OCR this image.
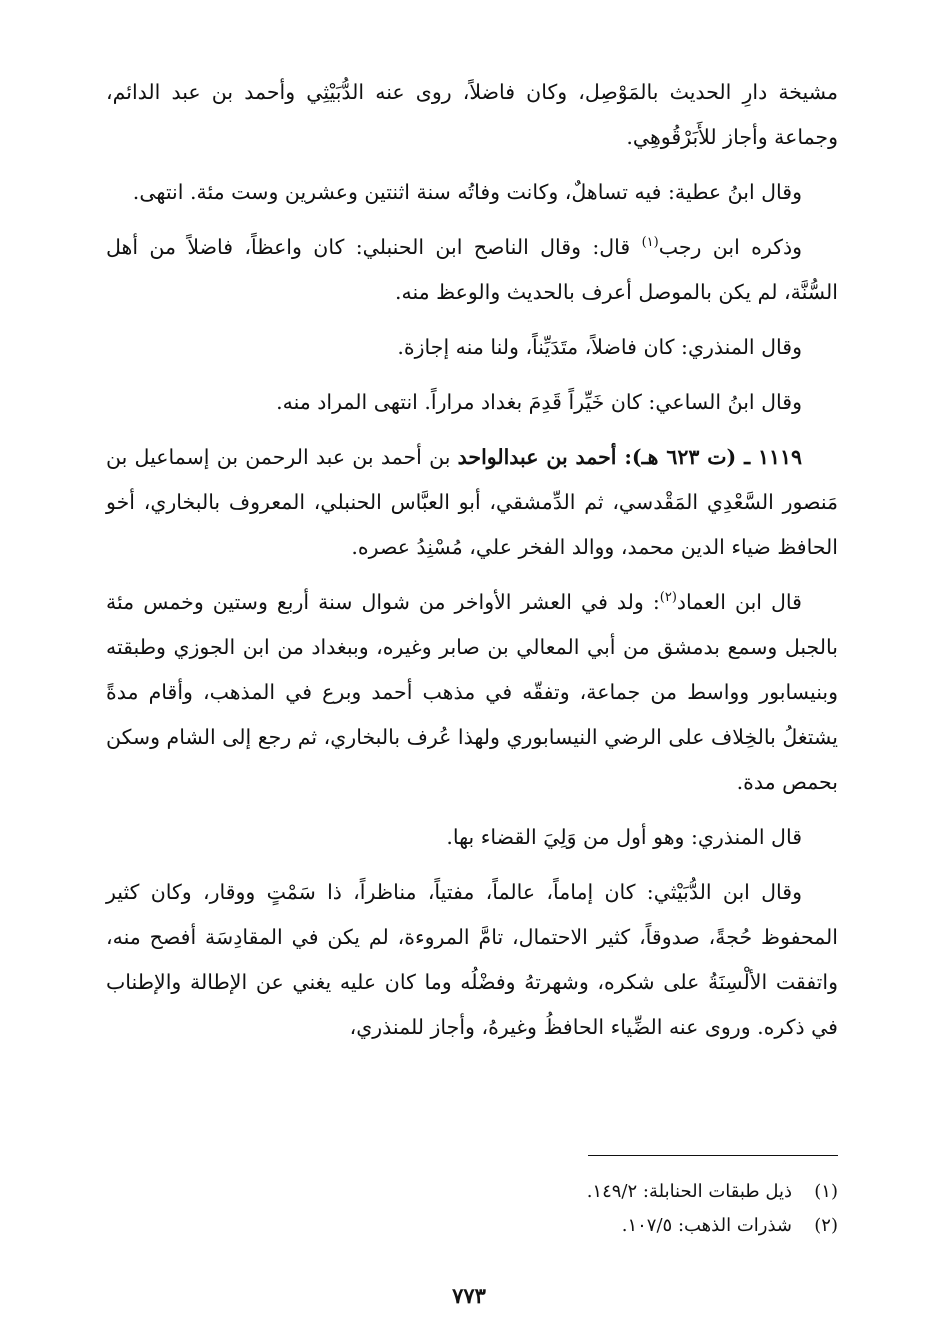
مشيخة دارِ الحديث بالمَوْصِل، وكان فاضلاً، روى عنه الدُّبَيْثِي وأحمد بن عبد الدائم، وجماعة وأجاز للأَبَرْقُوهِي.

وقال ابنُ عطية: فيه تساهلٌ، وكانت وفاتُه سنة اثنتين وعشرين وست مئة. انتهى.

وذكره ابن رجب$^{(١)}$ قال: وقال الناصح ابن الحنبلي: كان واعظاً، فاضلاً من أهل السُّنَّة، لم يكن بالموصل أعرف بالحديث والوعظ منه.

وقال المنذري: كان فاضلاً، متَدَيِّناً، ولنا منه إجازة.

وقال ابنُ الساعي: كان خَيِّراً قَدِمَ بغداد مراراً. انتهى المراد منه.

١١١٩ ـ (ت ٦٢٣ هـ): أحمد بن عبدالواحد بن أحمد بن عبد الرحمن بن إسماعيل بن مَنصور السَّعْدِي المَقْدسي، ثم الدِّمشقي، أبو العبَّاس الحنبلي، المعروف بالبخاري، أخو الحافظ ضياء الدين محمد، ووالد الفخر علي، مُسْنِدُ عصره.

قال ابن العماد$^{(٢)}$: ولد في العشر الأواخر من شوال سنة أربع وستين وخمس مئة بالجبل وسمع بدمشق من أبي المعالي بن صابر وغيره، وببغداد من ابن الجوزي وطبقته وبنيسابور وواسط من جماعة، وتفقّه في مذهب أحمد وبرع في المذهب، وأقام مدةً يشتغلُ بالخِلاف على الرضي النيسابوري ولهذا عُرف بالبخاري، ثم رجع إلى الشام وسكن بحمص مدة.

قال المنذري: وهو أول من وَلِيَ القضاء بها.

وقال ابن الدُّبَيْثي: كان إماماً، عالماً، مفتياً، مناظراً، ذا سَمْتٍ ووقار، وكان كثير المحفوظ حُجةً، صدوقاً، كثير الاحتمال، تامَّ المروءة، لم يكن في المقادِسَة أفصح منه، واتفقت الألْسِنَةُ على شكره، وشهرتهُ وفضْلُه وما كان عليه يغني عن الإطالة والإطناب في ذكره. وروى عنه الضِّياء الحافظُ وغيرهُ، وأجاز للمنذري،

(١)ذيل طبقات الحنابلة: ١٤٩/٢.
(٢)شذرات الذهب: ١٠٧/٥.
٧٧٣
